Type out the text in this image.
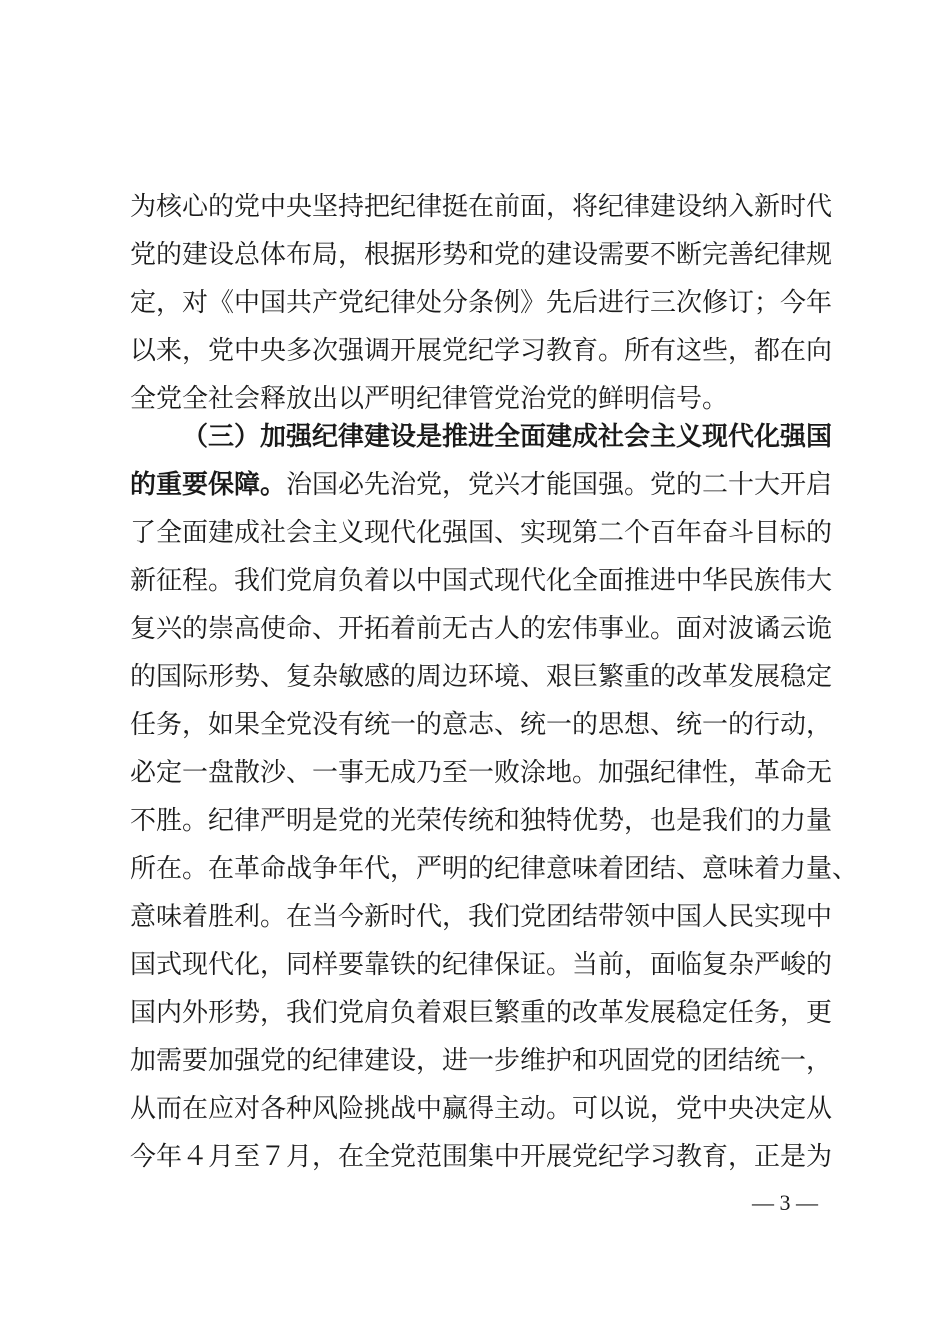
为核心的党中央坚持把纪律挺在前面，将纪律建设纳入新时代
党的建设总体布局，根据形势和党的建设需要不断完善纪律规
定，对《中国共产党纪律处分条例》先后进行三次修订；今年
以来，党中央多次强调开展党纪学习教育。所有这些，都在向
全党全社会释放出以严明纪律管党治党的鲜明信号。
（三）加强纪律建设是推进全面建成社会主义现代化强国
的重要保障。治国必先治党，党兴才能国强。党的二十大开启
了全面建成社会主义现代化强国、实现第二个百年奋斗目标的
新征程。我们党肩负着以中国式现代化全面推进中华民族伟大
复兴的崇高使命、开拓着前无古人的宏伟事业。面对波谲云诡
的国际形势、复杂敏感的周边环境、艰巨繁重的改革发展稳定
任务，如果全党没有统一的意志、统一的思想、统一的行动，
必定一盘散沙、一事无成乃至一败涂地。加强纪律性，革命无
不胜。纪律严明是党的光荣传统和独特优势，也是我们的力量
所在。在革命战争年代，严明的纪律意味着团结、意味着力量、
意味着胜利。在当今新时代，我们党团结带领中国人民实现中
国式现代化，同样要靠铁的纪律保证。当前，面临复杂严峻的
国内外形势，我们党肩负着艰巨繁重的改革发展稳定任务，更
加需要加强党的纪律建设，进一步维护和巩固党的团结统一，
从而在应对各种风险挑战中赢得主动。可以说，党中央决定从
今年４月至７月，在全党范围集中开展党纪学习教育，正是为
— 3 —
